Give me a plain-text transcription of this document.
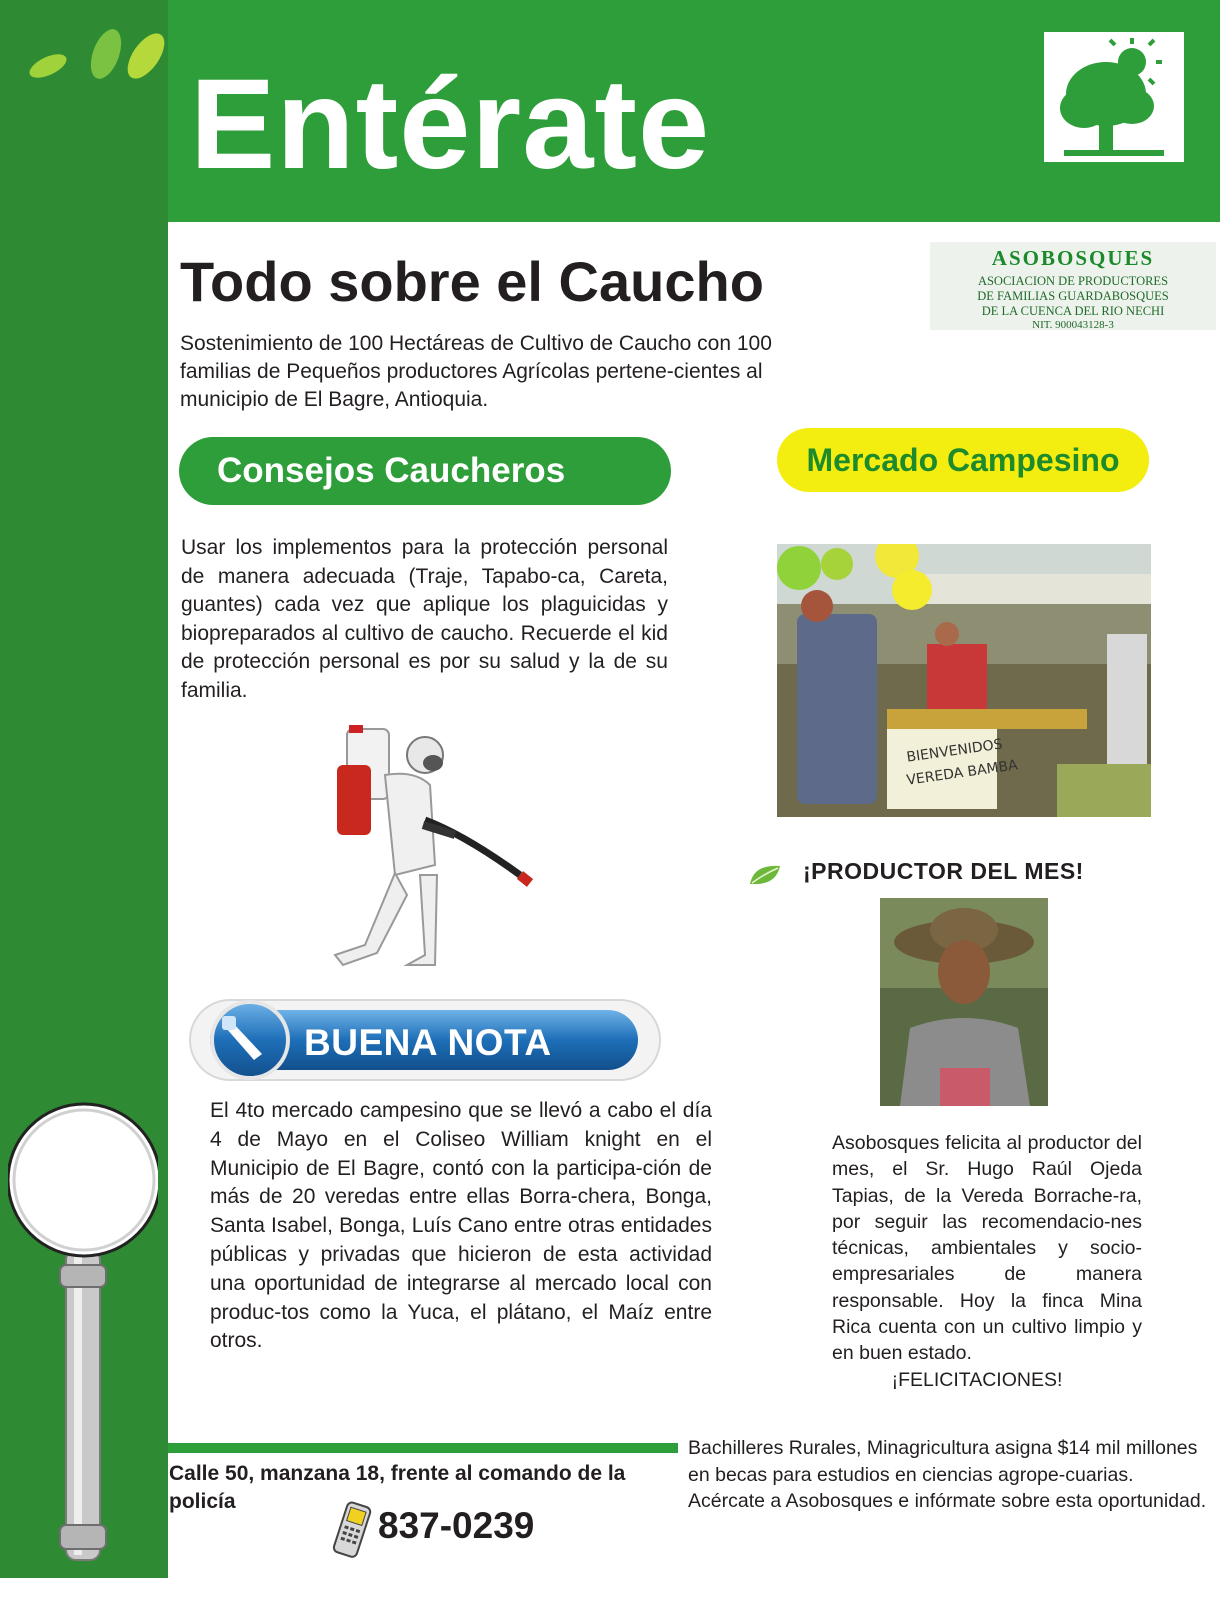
Entérate
ASOBOSQUES
ASOCIACION DE PRODUCTORES
DE FAMILIAS GUARDABOSQUES
DE LA CUENCA DEL RIO NECHI
NIT. 900043128-3
Todo sobre el Caucho
Sostenimiento de 100 Hectáreas de Cultivo de Caucho con 100 familias de Pequeños productores Agrícolas pertene-cientes al municipio de El Bagre, Antioquia.
Consejos Caucheros	Mercado Campesino
Usar los implementos para la protección personal de manera adecuada (Traje, Tapabo-ca, Careta, guantes) cada vez que aplique los plaguicidas y biopreparados al cultivo de caucho. Recuerde el kid de protección personal es por su salud y la de su familia.
BIENVENIDOS
VEREDA BAMBA
¡PRODUCTOR DEL MES!
Asobosques felicita al productor del mes, el Sr. Hugo Raúl Ojeda Tapias, de la Vereda Borrache-ra, por seguir las recomendacio-nes técnicas, ambientales y socio-empresariales de manera responsable. Hoy la finca Mina Rica cuenta con un cultivo limpio y en buen estado.
¡FELICITACIONES!
BUENA NOTA
El 4to mercado campesino que se llevó a cabo el día 4 de Mayo en el Coliseo William knight en el Municipio de El Bagre, contó con la participa-ción de más de 20 veredas entre ellas Borra-chera, Bonga, Santa Isabel, Bonga, Luís Cano entre otras entidades públicas y privadas que hicieron de esta actividad una oportunidad de integrarse al mercado local con produc-tos como la Yuca, el plátano, el Maíz entre otros.
Calle 50, manzana 18, frente al comando de la policía
837-0239
Bachilleres Rurales, Minagricultura asigna $14 mil millones en becas para estudios en ciencias agrope-cuarias. Acércate a Asobosques e infórmate sobre esta oportunidad.
